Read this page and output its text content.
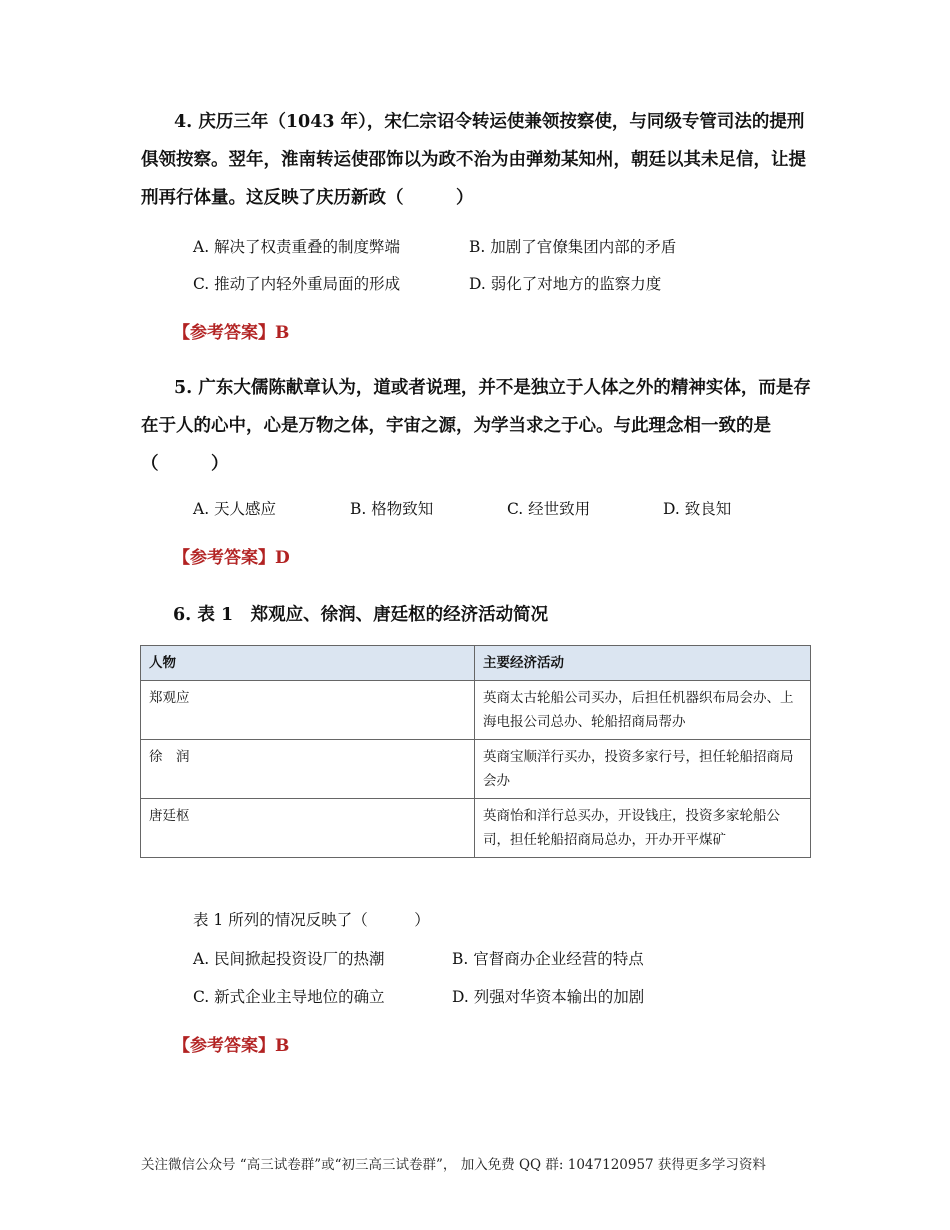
4. 庆历三年（1043 年），宋仁宗诏令转运使兼领按察使，与同级专管司法的提刑俱领按察。翌年，淮南转运使邵饰以为政不治为由弹劾某知州，朝廷以其未足信，让提刑再行体量。这反映了庆历新政（　　　）

A. 解决了权责重叠的制度弊端	B. 加剧了官僚集团内部的矛盾
C. 推动了内轻外重局面的形成	D. 弱化了对地方的监察力度
【参考答案】B

5. 广东大儒陈献章认为，道或者说理，并不是独立于人体之外的精神实体，而是存在于人的心中，心是万物之体，宇宙之源，为学当求之于心。与此理念相一致的是（　　　）

A. 天人感应	B. 格物致知	C. 经世致用	D. 致良知
【参考答案】D
6. 表 1　郑观应、徐润、唐廷枢的经济活动简况
人物	主要经济活动
郑观应	英商太古轮船公司买办，后担任机器织布局会办、上海电报公司总办、轮船招商局帮办
徐　润	英商宝顺洋行买办，投资多家行号，担任轮船招商局会办
唐廷枢	英商怡和洋行总买办，开设钱庄，投资多家轮船公司，担任轮船招商局总办，开办开平煤矿
表 1 所列的情况反映了（　　　）
A. 民间掀起投资设厂的热潮	B. 官督商办企业经营的特点
C. 新式企业主导地位的确立	D. 列强对华资本输出的加剧
【参考答案】B
关注微信公众号 “高三试卷群”或“初三高三试卷群”， 加入免费 QQ 群: 1047120957 获得更多学习资料
